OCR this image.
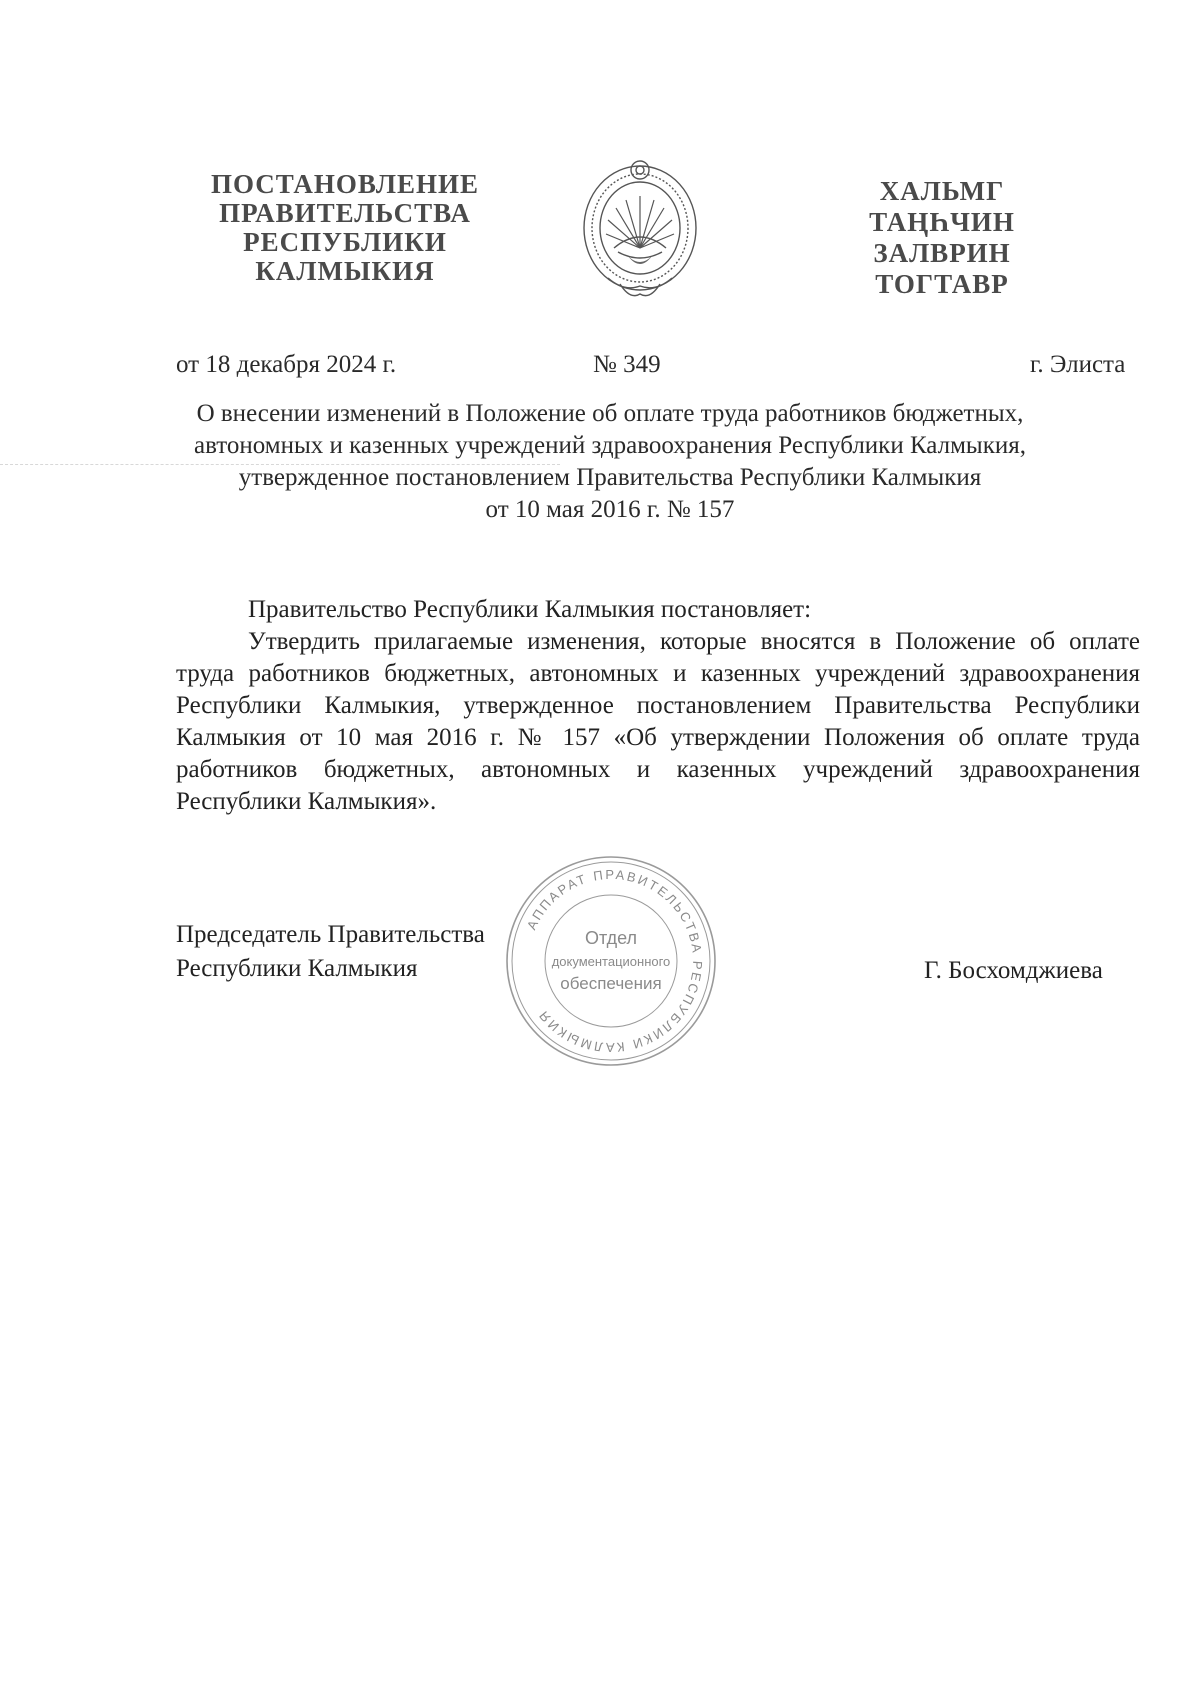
ПОСТАНОВЛЕНИЕ
ПРАВИТЕЛЬСТВА
РЕСПУБЛИКИ
КАЛМЫКИЯ
ХАЛЬМГ
ТАҢҺЧИН
ЗАЛВРИН
ТОГТАВР
от 18 декабря 2024 г.	№ 349	г. Элиста
О внесении изменений в Положение об оплате труда работников бюджетных,
автономных и казенных учреждений здравоохранения Республики Калмыкия,
утвержденное постановлением Правительства Республики Калмыкия
от 10 мая 2016 г. № 157

Правительство Республики Калмыкия постановляет:

Утвердить прилагаемые изменения, которые вносятся в Положение об оплате труда работников бюджетных, автономных и казенных учреждений здравоохранения Республики Калмыкия, утвержденное постановлением Правительства Республики Калмыкия от 10 мая 2016 г. № 157 «Об утверждении Положения об оплате труда работников бюджетных, автономных и казенных учреждений здравоохранения Республики Калмыкия».

Председатель Правительства
Республики Калмыкия
АППАРАТ ПРАВИТЕЛЬСТВА РЕСПУБЛИКИ КАЛМЫКИЯ
Отдел
документационного
обеспечения	Г. Босхомджиева
